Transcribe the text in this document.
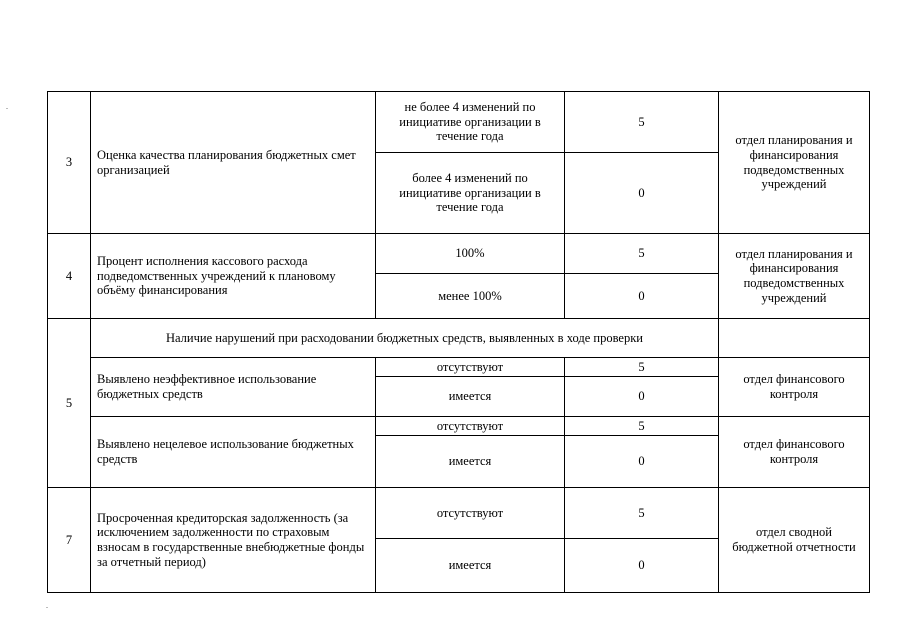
3	Оценка качества планирования бюджетных смет организацией	не более 4 изменений по инициативе организации в течение года	5	отдел планирования и финансирования подведомственных учреждений
		более 4 изменений по инициативе организации в течение года	0	
4	Процент исполнения кассового расхода подведомственных учреждений к плановому объёму финансирования	100%	5	отдел планирования и финансирования подведомственных учреждений
		менее 100%	0	
5	Наличие нарушений при расходовании бюджетных средств, выявленных в ходе проверки			
	Выявлено неэффективное использование бюджетных средств	отсутствуют	5	отдел финансового контроля
		имеется	0	
	Выявлено нецелевое использование бюджетных средств	отсутствуют	5	отдел финансового контроля
		имеется	0	
7	Просроченная кредиторская задолженность (за исключением задолженности по страховым взносам в государственные внебюджетные фонды за отчетный период)	отсутствуют	5	отдел сводной бюджетной отчетности
		имеется	0	
